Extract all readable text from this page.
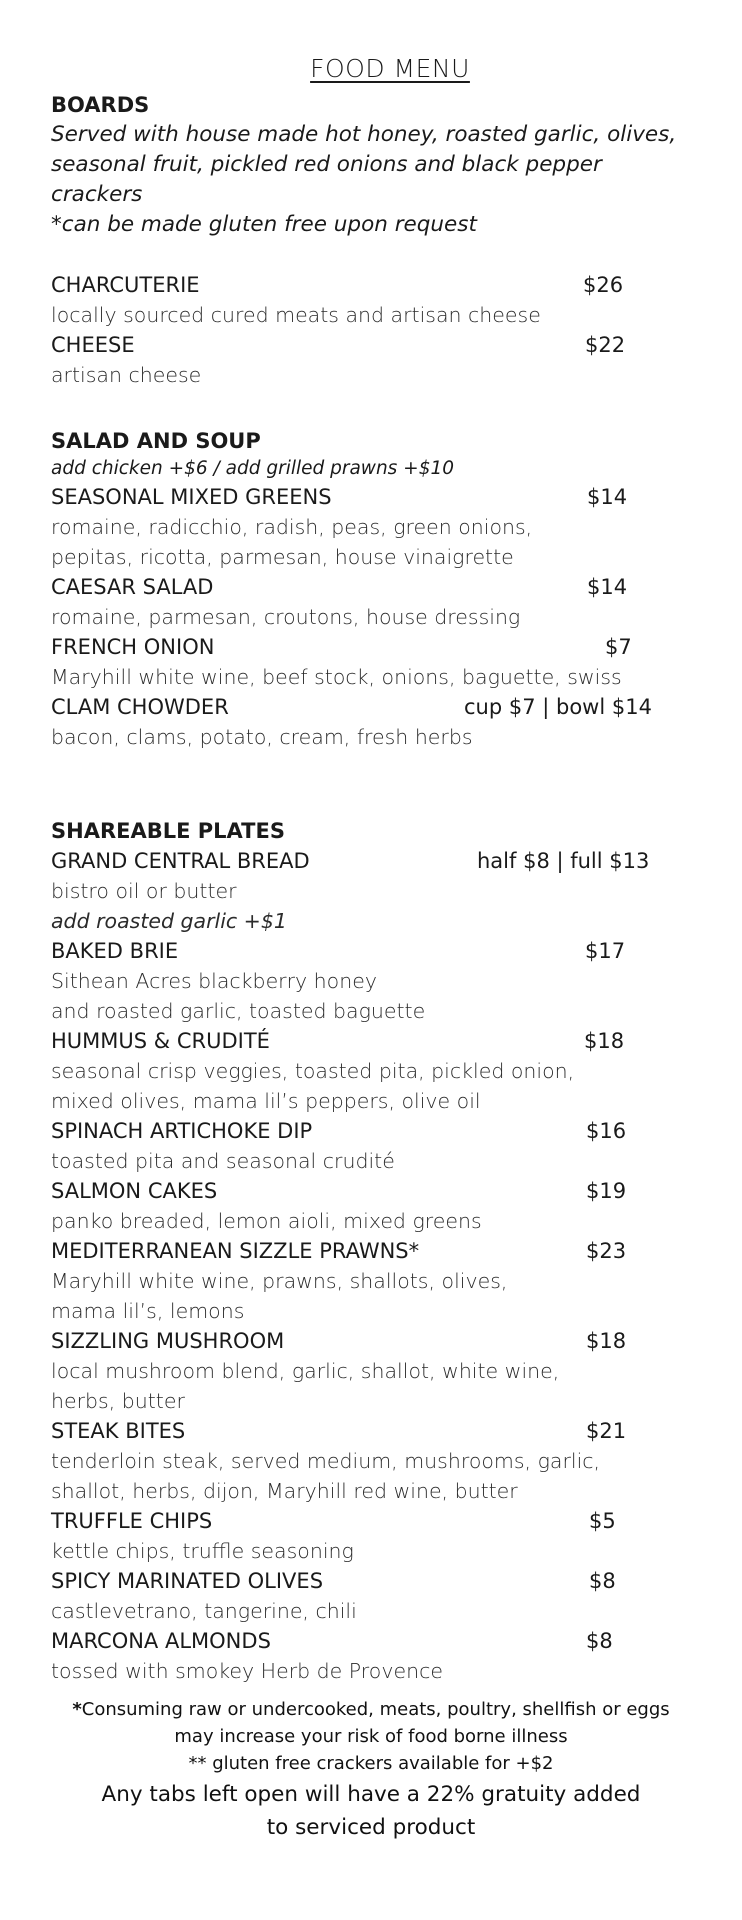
FOOD MENU
BOARDS
Served with house made hot honey, roasted garlic, olives,
seasonal fruit, pickled red onions and black pepper crackers
*can be made gluten free upon request
CHARCUTERIE	$26
locally sourced cured meats and artisan cheese
CHEESE	$22
artisan cheese
SALAD AND SOUP
add chicken +$6 / add grilled prawns +$10
SEASONAL MIXED GREENS	$14
romaine, radicchio, radish, peas, green onions,
pepitas, ricotta, parmesan, house vinaigrette
CAESAR SALAD	$14
romaine, parmesan, croutons, house dressing
FRENCH ONION	$7
Maryhill white wine, beef stock, onions, baguette, swiss
CLAM CHOWDER	cup $7 | bowl $14
bacon, clams, potato, cream, fresh herbs
SHAREABLE PLATES
GRAND CENTRAL BREAD	half $8 | full $13
bistro oil or butter
add roasted garlic +$1
BAKED BRIE	$17
Sithean Acres blackberry honey
and roasted garlic, toasted baguette
HUMMUS & CRUDITÉ	$18
seasonal crisp veggies, toasted pita, pickled onion,
mixed olives, mama lil’s peppers, olive oil
SPINACH ARTICHOKE DIP	$16
toasted pita and seasonal crudité
SALMON CAKES	$19
panko breaded, lemon aioli, mixed greens
MEDITERRANEAN SIZZLE PRAWNS*	$23
Maryhill white wine, prawns, shallots, olives,
mama lil’s, lemons
SIZZLING MUSHROOM	$18
local mushroom blend, garlic, shallot, white wine,
herbs, butter
STEAK BITES	$21
tenderloin steak, served medium, mushrooms, garlic,
shallot, herbs, dijon, Maryhill red wine, butter
TRUFFLE CHIPS	$5
kettle chips, truffle seasoning
SPICY MARINATED OLIVES	$8
castlevetrano, tangerine, chili
MARCONA ALMONDS	$8
tossed with smokey Herb de Provence
*Consuming raw or undercooked, meats, poultry, shellfish or eggs
may increase your risk of food borne illness
** gluten free crackers available for +$2
Any tabs left open will have a 22% gratuity added
to serviced product
